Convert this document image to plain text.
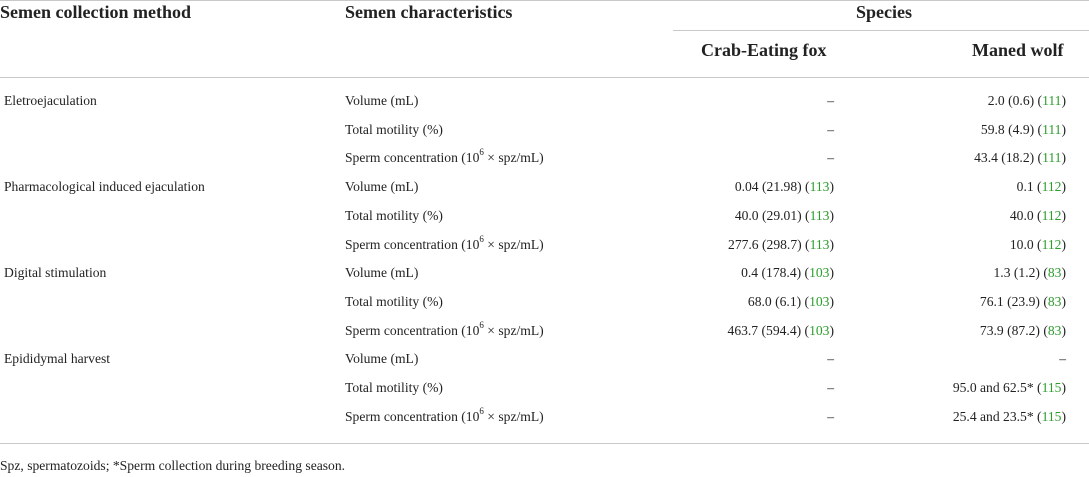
Semen collection method	Semen characteristics	Species
Crab-Eating fox	Maned wolf
Eletroejaculation	Volume (mL)	–	2.0 (0.6) (111)
Total motility (%)	–	59.8 (4.9) (111)
Sperm concentration $(10^6 \times spz/mL)$	–	43.4 (18.2) (111)
Pharmacological induced ejaculation	Volume (mL)	0.04 (21.98) (113)	0.1 (112)
Total motility (%)	40.0 (29.01) (113)	40.0 (112)
Sperm concentration $(10^6 \times spz/mL)$	277.6 (298.7) (113)	10.0 (112)
Digital stimulation	Volume (mL)	0.4 (178.4) (103)	1.3 (1.2) (83)
Total motility (%)	68.0 (6.1) (103)	76.1 (23.9) (83)
Sperm concentration $(10^6 \times spz/mL)$	463.7 (594.4) (103)	73.9 (87.2) (83)
Epididymal harvest	Volume (mL)	–	–
Total motility (%)	–	95.0 and 62.5* (115)
Sperm concentration $(10^6 \times spz/mL)$	–	25.4 and 23.5* (115)
Spz, spermatozoids; *Sperm collection during breeding season.
